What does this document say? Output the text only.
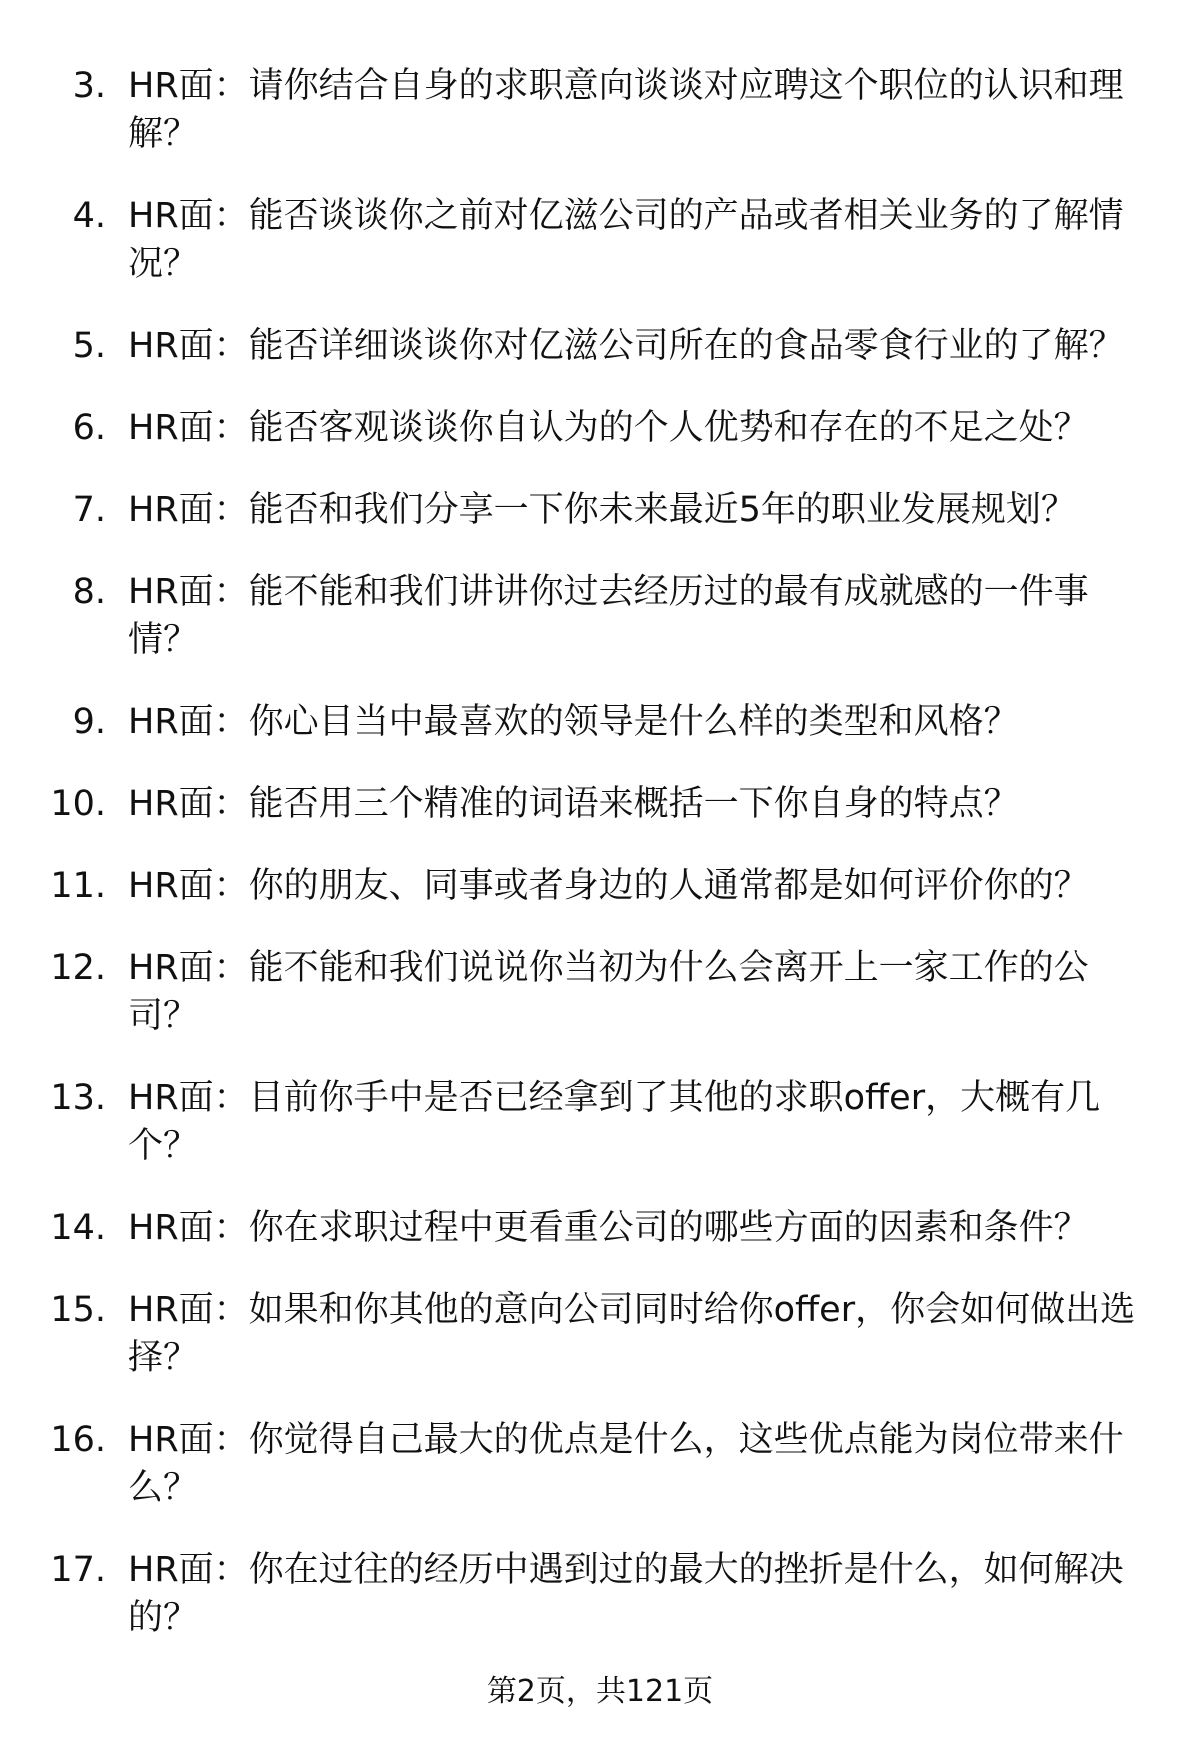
3. HR面：请你结合自身的求职意向谈谈对应聘这个职位的认识和理解？
4. HR面：能否谈谈你之前对亿滋公司的产品或者相关业务的了解情况？
5. HR面：能否详细谈谈你对亿滋公司所在的食品零食行业的了解？
6. HR面：能否客观谈谈你自认为的个人优势和存在的不足之处？
7. HR面：能否和我们分享一下你未来最近5年的职业发展规划？
8. HR面：能不能和我们讲讲你过去经历过的最有成就感的一件事情？
9. HR面：你心目当中最喜欢的领导是什么样的类型和风格？
10. HR面：能否用三个精准的词语来概括一下你自身的特点？
11. HR面：你的朋友、同事或者身边的人通常都是如何评价你的？
12. HR面：能不能和我们说说你当初为什么会离开上一家工作的公司？
13. HR面：目前你手中是否已经拿到了其他的求职offer，大概有几个？
14. HR面：你在求职过程中更看重公司的哪些方面的因素和条件？
15. HR面：如果和你其他的意向公司同时给你offer，你会如何做出选择？
16. HR面：你觉得自己最大的优点是什么，这些优点能为岗位带来什么？
17. HR面：你在过往的经历中遇到过的最大的挫折是什么，如何解决的？
第2页，共121页
